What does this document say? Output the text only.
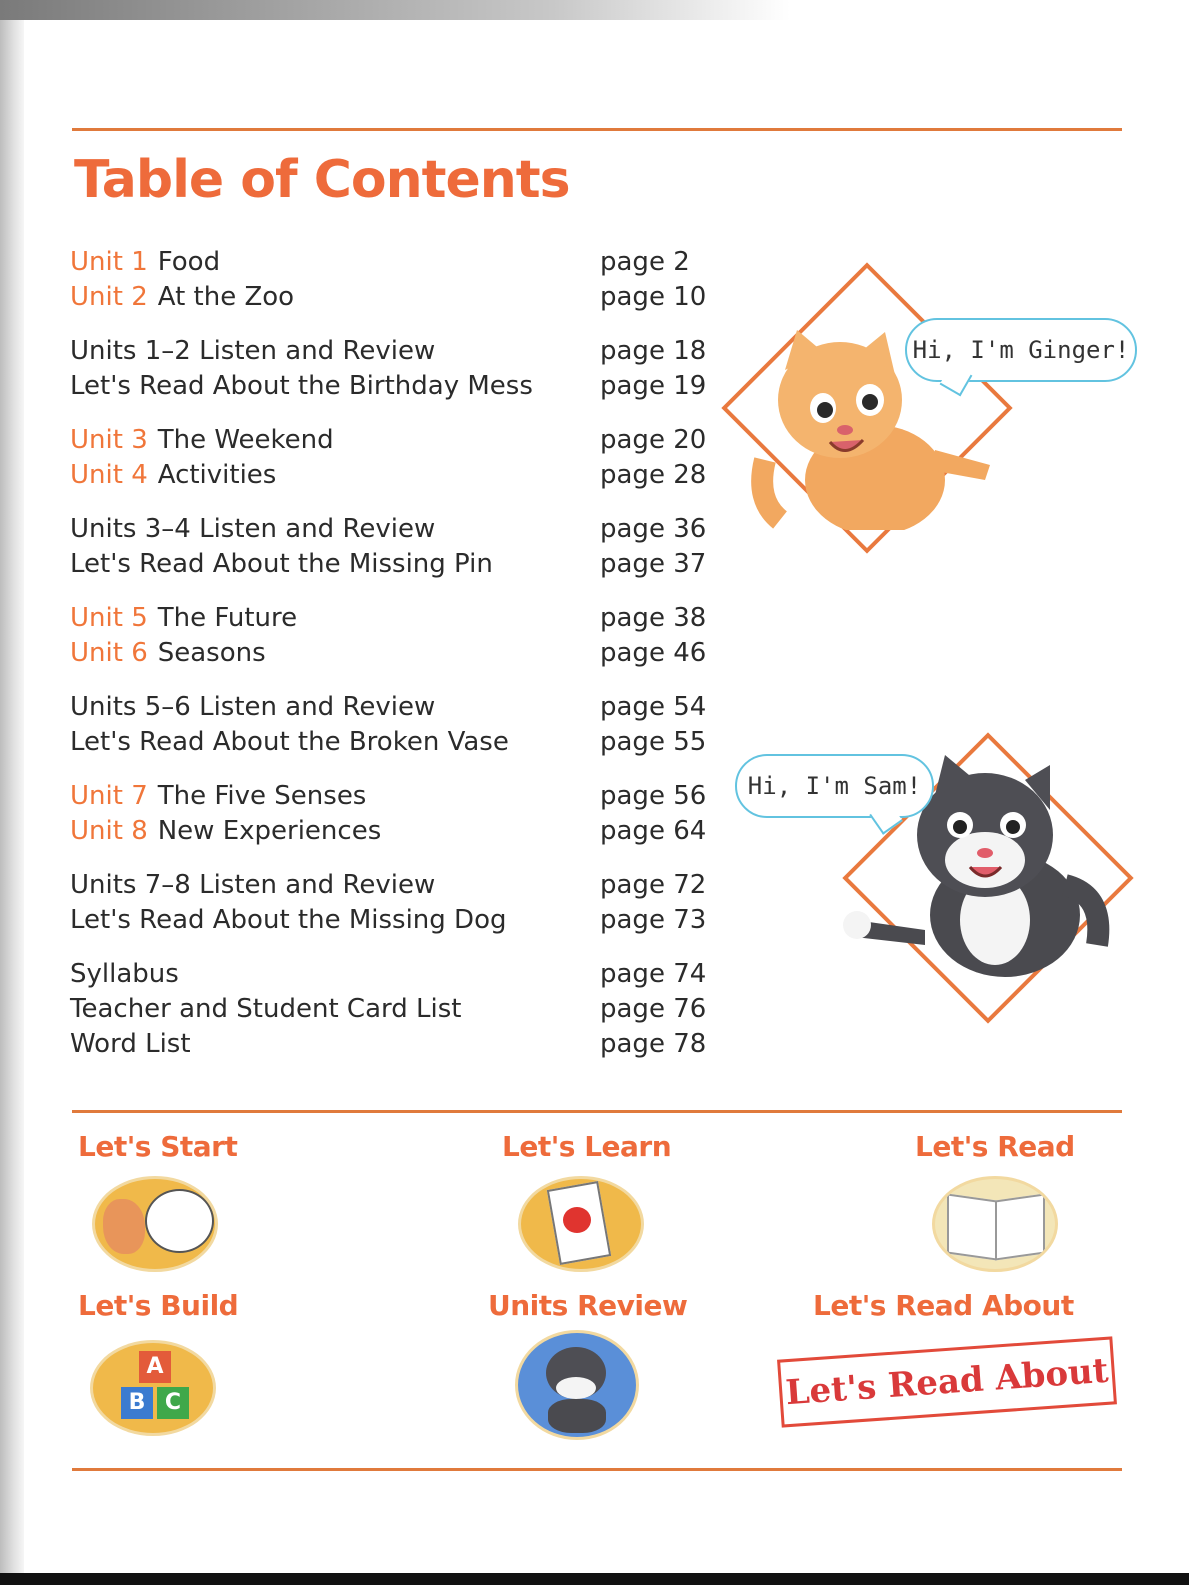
Table of Contents
Unit 1 Food	page 2
Unit 2 At the Zoo	page 10
Units 1–2 Listen and Review	page 18
Let's Read About the Birthday Mess	page 19
Unit 3 The Weekend	page 20
Unit 4 Activities	page 28
Units 3–4 Listen and Review	page 36
Let's Read About the Missing Pin	page 37
Unit 5 The Future	page 38
Unit 6 Seasons	page 46
Units 5–6 Listen and Review	page 54
Let's Read About the Broken Vase	page 55
Unit 7 The Five Senses	page 56
Unit 8 New Experiences	page 64
Units 7–8 Listen and Review	page 72
Let's Read About the Missing Dog	page 73
Syllabus	page 74
Teacher and Student Card List	page 76
Word List	page 78
Hi, I'm Ginger!
Hi, I'm Sam!
Let's Start	Let's Learn	Let's Read
Let's Build
A
B C
Units Review	Let's Read About
Let's Read About
